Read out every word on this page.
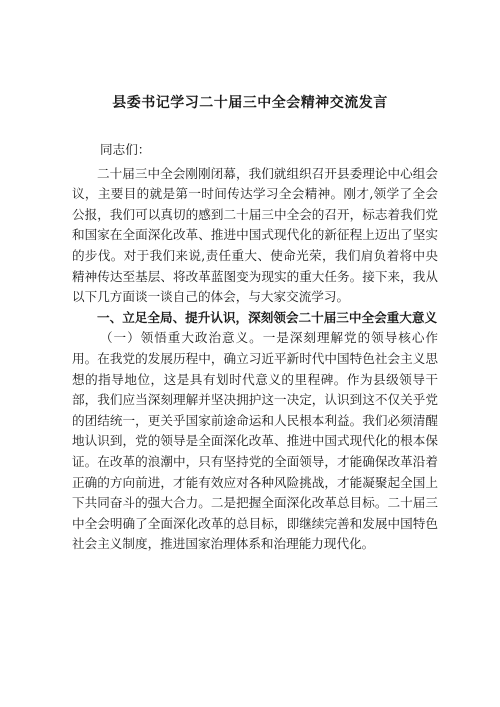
县委书记学习二十届三中全会精神交流发言

同志们：

二十届三中全会刚刚闭幕，我们就组织召开县委理论中心组会议，主要目的就是第一时间传达学习全会精神。刚才,领学了全会公报，我们可以真切的感到二十届三中全会的召开，标志着我们党和国家在全面深化改革、推进中国式现代化的新征程上迈出了坚实的步伐。对于我们来说,责任重大、使命光荣，我们肩负着将中央精神传达至基层、将改革蓝图变为现实的重大任务。接下来，我从以下几方面谈一谈自己的体会，与大家交流学习。

一、立足全局、提升认识，深刻领会二十届三中全会重大意义

（一）领悟重大政治意义。一是深刻理解党的领导核心作用。在我党的发展历程中，确立习近平新时代中国特色社会主义思想的指导地位，这是具有划时代意义的里程碑。作为县级领导干部，我们应当深刻理解并坚决拥护这一决定，认识到这不仅关乎党的团结统一，更关乎国家前途命运和人民根本利益。我们必须清醒地认识到，党的领导是全面深化改革、推进中国式现代化的根本保证。在改革的浪潮中，只有坚持党的全面领导，才能确保改革沿着正确的方向前进，才能有效应对各种风险挑战，才能凝聚起全国上下共同奋斗的强大合力。二是把握全面深化改革总目标。二十届三中全会明确了全面深化改革的总目标，即继续完善和发展中国特色社会主义制度，推进国家治理体系和治理能力现代化。
